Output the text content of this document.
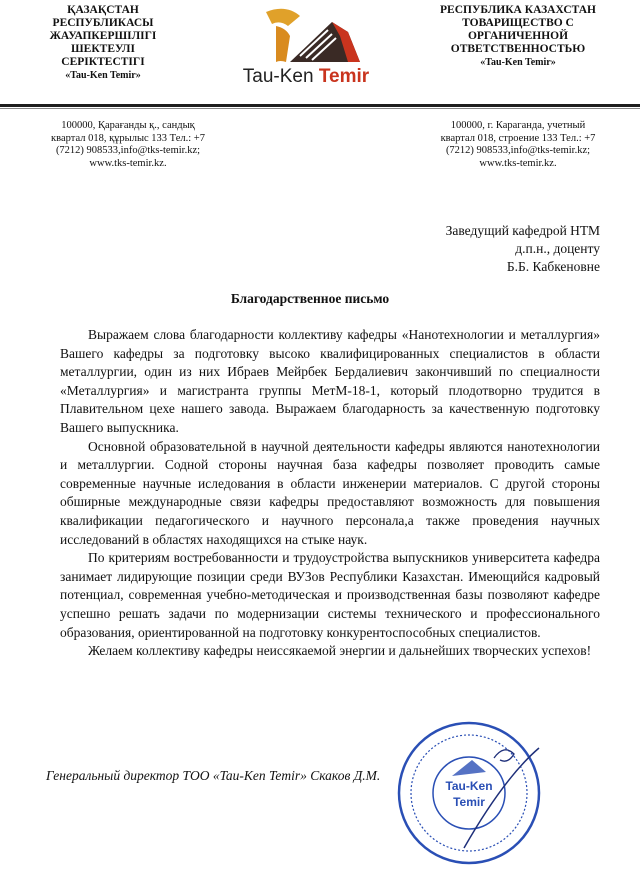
ҚАЗАҚСТАН РЕСПУБЛИКАСЫ
ЖАУАПКЕРШІЛІГІ
ШЕКТЕУЛІ
СЕРІКТЕСТІГІ
«Tau-Ken Temir»	Tau-Ken Temir
РЕСПУБЛИКА КАЗАХСТАН
ТОВАРИЩЕСТВО С
ОРГАНИЧЕННОЙ
ОТВЕТСТВЕННОСТЬЮ
«Tau-Ken Temir»
100000, Қарағанды қ., сандық
квартал 018, құрылыс 133 Тел.: +7
(7212) 908533,info@tks-temir.kz;
www.tks-temir.kz.
100000, г. Караганда, учетный
квартал 018, строение 133 Тел.: +7
(7212) 908533,info@tks-temir.kz;
www.tks-temir.kz.
Заведущий кафедрой НТМ
д.п.н., доценту
Б.Б. Кабкеновне
Благодарственное письмо

Выражаем слова благодарности коллективу кафедры «Нанотехнологии и металлургия» Вашего кафедры за подготовку высоко квалифицированных специалистов в области металлургии, один из них Ибраев Мейрбек Бердалиевич закончивший по специалности «Металлургия» и магистранта группы МетМ-18-1, который плодотворно трудится в Плавительном цехе нашего завода. Выражаем благодарность за качественную подготовку Вашего выпускника.

Основной образовательной в научной деятельности кафедры являются нанотехнологии и металлургии. Содной стороны научная база кафедры позволяет проводить самые современные научные иследования в области инженерии материалов. С другой стороны обширные международные связи кафедры предоставляют возможность для повышения квалификации педагогического и научного персонала,а также проведения научных исследований в областях находящихся на стыке наук.

По критериям востребованности и трудоустройства выпускников университета кафедра занимает лидирующие позиции среди ВУЗов Республики Казахстан. Имеющийся кадровый потенциал, современная учебно-методическая и производственная базы позволяют кафедре успешно решать задачи по модернизации системы технического и профессионального образования, ориентированной на подготовку конкурентоспособных специалистов.

Желаем коллективу кафедры неиссякаемой энергии и дальнейших творческих успехов!

Генеральный директор ТОО «Tau-Ken Temir» Скаков Д.М.
Tau-Ken
Temir
